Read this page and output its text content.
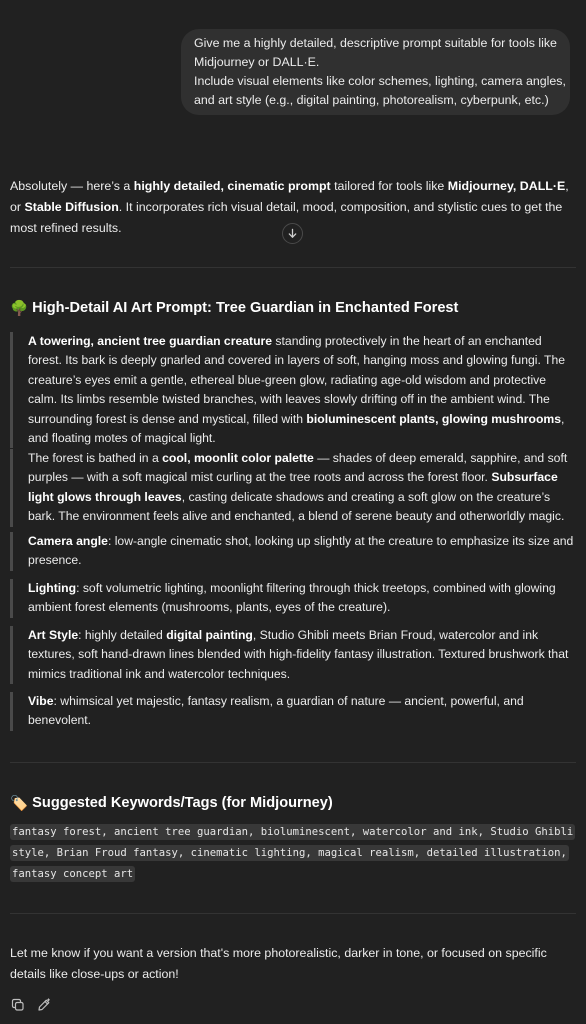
Give me a highly detailed, descriptive prompt suitable for tools like
Midjourney or DALL·E.
Include visual elements like color schemes, lighting, camera angles,
and art style (e.g., digital painting, photorealism, cyberpunk, etc.)
Absolutely — here’s a highly detailed, cinematic prompt tailored for tools like Midjourney, DALL·E, or Stable Diffusion. It incorporates rich visual detail, mood, composition, and stylistic cues to get the most refined results.
🌳 High-Detail AI Art Prompt: Tree Guardian in Enchanted Forest

A towering, ancient tree guardian creature standing protectively in the heart of an enchanted forest. Its bark is deeply gnarled and covered in layers of soft, hanging moss and glowing fungi. The creature’s eyes emit a gentle, ethereal blue-green glow, radiating age-old wisdom and protective calm. Its limbs resemble twisted branches, with leaves slowly drifting off in the ambient wind. The surrounding forest is dense and mystical, filled with bioluminescent plants, glowing mushrooms, and floating motes of magical light.

The forest is bathed in a cool, moonlit color palette — shades of deep emerald, sapphire, and soft purples — with a soft magical mist curling at the tree roots and across the forest floor. Subsurface light glows through leaves, casting delicate shadows and creating a soft glow on the creature’s bark. The environment feels alive and enchanted, a blend of serene beauty and otherworldly magic.

Camera angle: low-angle cinematic shot, looking up slightly at the creature to emphasize its size and presence.

Lighting: soft volumetric lighting, moonlight filtering through thick treetops, combined with glowing ambient forest elements (mushrooms, plants, eyes of the creature).

Art Style: highly detailed digital painting, Studio Ghibli meets Brian Froud, watercolor and ink textures, soft hand-drawn lines blended with high-fidelity fantasy illustration. Textured brushwork that mimics traditional ink and watercolor techniques.

Vibe: whimsical yet majestic, fantasy realism, a guardian of nature — ancient, powerful, and benevolent.

🏷️ Suggested Keywords/Tags (for Midjourney)
fantasy forest, ancient tree guardian, bioluminescent, watercolor and ink, Studio Ghibli
style, Brian Froud fantasy, cinematic lighting, magical realism, detailed illustration,
fantasy concept art
Let me know if you want a version that's more photorealistic, darker in tone, or focused on specific details like close-ups or action!
